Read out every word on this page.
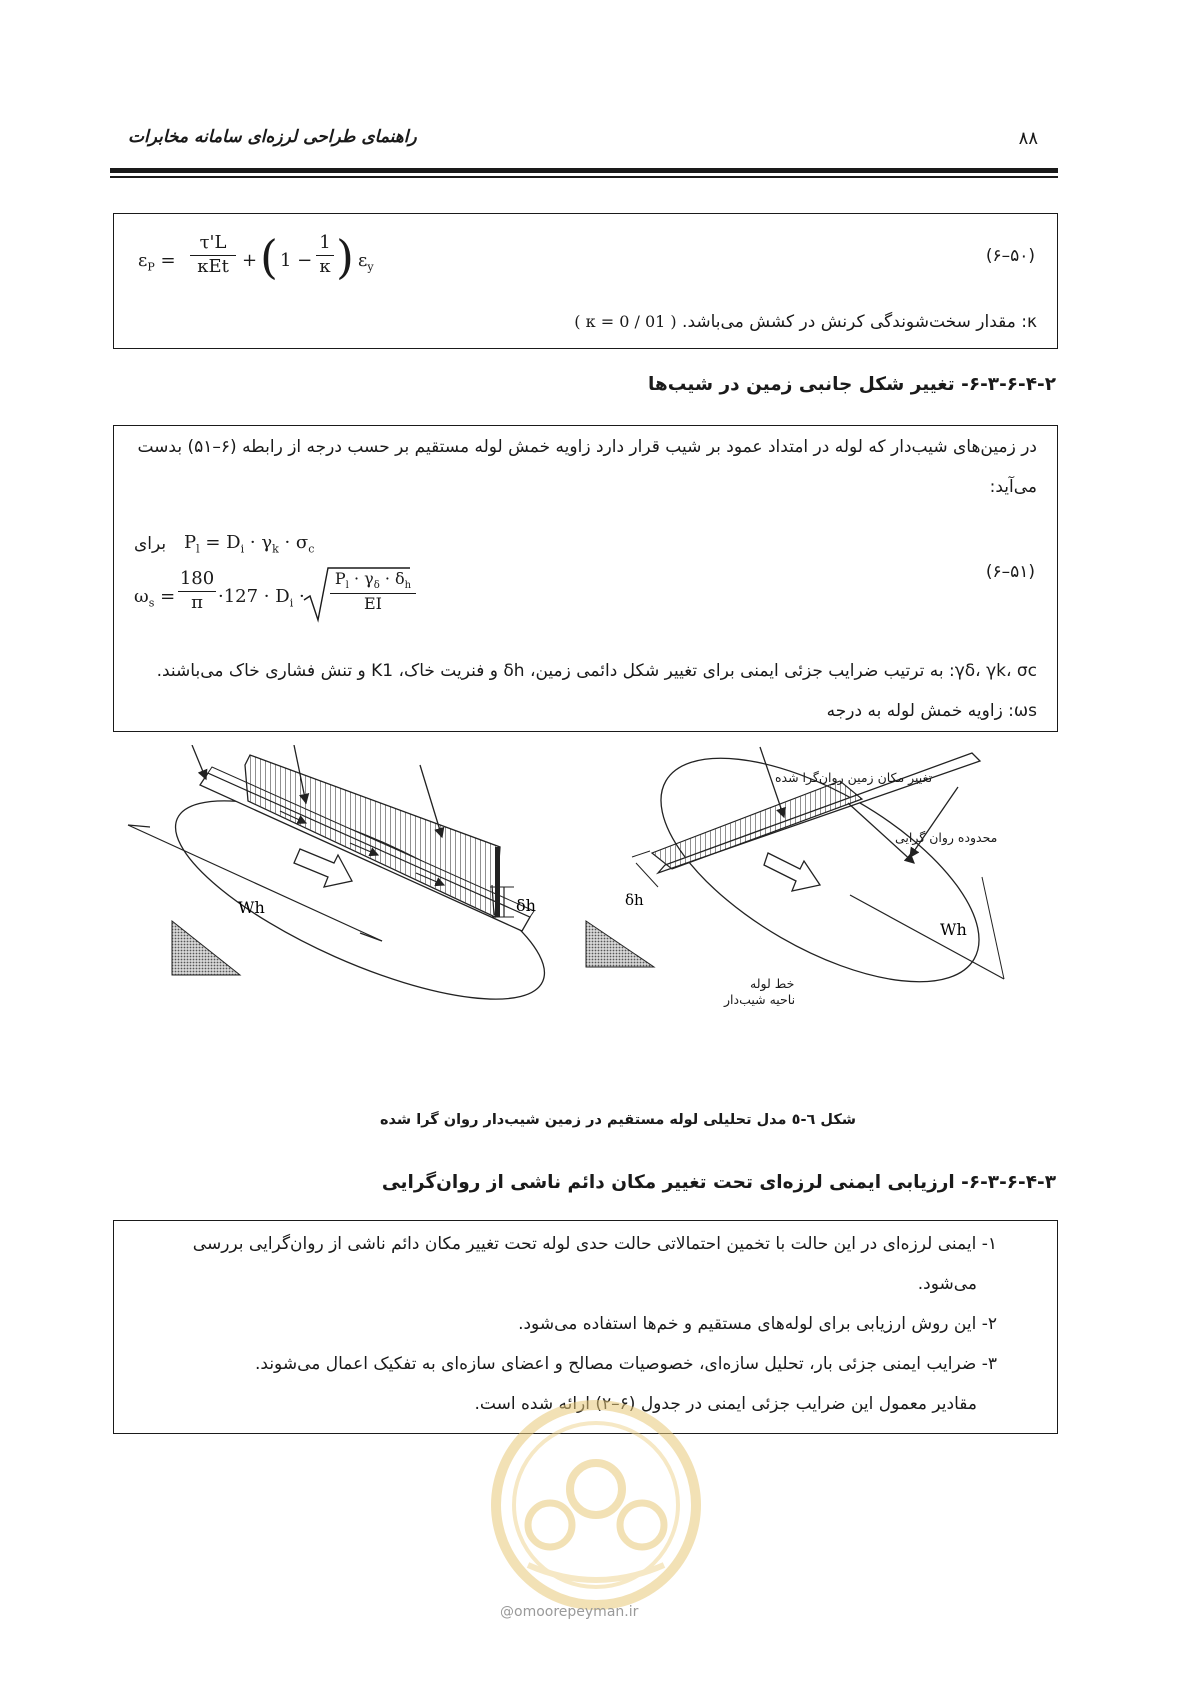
راهنمای طراحی لرزه‌ای سامانه مخابرات	۸۸
$\varepsilon_P$ =
τ'L
κEt + ( $1 - \frac{1}{\kappa}$ ) $\varepsilon_y$
(۶–۵۰)
κ: مقدار سخت‌شوندگی کرنش در کشش می‌باشد. ( κ = 0 / 01 )
۶-۳-۶-۴-۲- تغییر شکل جانبی زمین در شیب‌ها
در زمین‌های شیب‌دار که لوله در امتداد عمود بر شیب قرار دارد زاویه خمش لوله مستقیم بر حسب درجه از رابطه (۶–۵۱) بدست
می‌آید:
برای $P_l = D_i \cdot \gamma_k \cdot \sigma_c$
$\omega_s = \frac{180}{\pi} \cdot 127 \cdot D_i \cdot \frac{P_l \cdot \gamma_\delta \cdot \delta_h}{EI}$	(۶–۵۱)
γδ، γk، σc: به ترتیب ضرایب جزئی ایمنی برای تغییر شکل دائمی زمین، δh و فنریت خاک، K1 و تنش فشاری خاک می‌باشند.
ωs: زاویه خمش لوله به درجه
δh
Wh	δh
Wh
تغییر مکان زمین روان‌گرا شده
محدوده روان گرایی
خط لوله
ناحیه شیب‌دار
شکل ٦-٥ مدل تحلیلی لوله مستقیم در زمین شیب‌دار روان گرا شده
۶-۳-۶-۴-۳- ارزیابی ایمنی لرزه‌ای تحت تغییر مکان دائم ناشی از روان‌گرایی
۱- ایمنی لرزه‌ای در این حالت با تخمین احتمالاتی حالت حدی لوله تحت تغییر مکان دائم ناشی از روان‌گرایی بررسی
می‌شود.
۲- این روش ارزیابی برای لوله‌های مستقیم و خم‌ها استفاده می‌شود.
۳- ضرایب ایمنی جزئی بار، تحلیل سازه‌ای، خصوصیات مصالح و اعضای سازه‌ای به تفکیک اعمال می‌شوند.
مقادیر معمول این ضرایب جزئی ایمنی در جدول (۶–۲) ارائه شده است.
@omoorepeyman.ir
